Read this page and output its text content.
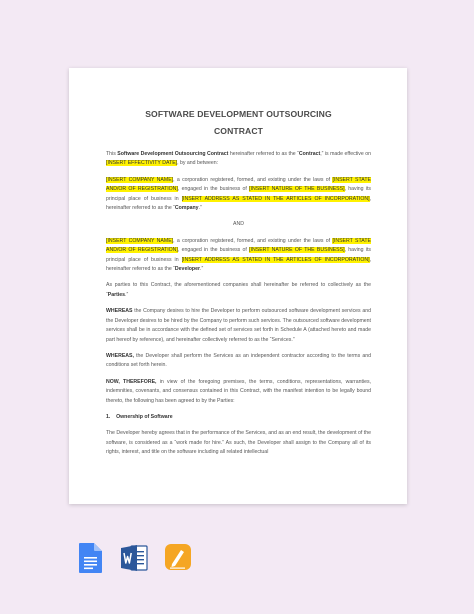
SOFTWARE DEVELOPMENT OUTSOURCING
CONTRACT

This Software Development Outsourcing Contract hereinafter referred to as the “Contract,” is made effective on [INSERT EFFECTIVITY DATE], by and between:

[INSERT COMPANY NAME], a corporation registered, formed, and existing under the laws of [INSERT STATE AND/OR OF REGISTRATION], engaged in the business of [INSERT NATURE OF THE BUSINESS], having its principal place of business in [INSERT ADDRESS AS STATED IN THE ARTICLES OF INCORPORATION], hereinafter referred to as the “Company.”

AND

[INSERT COMPANY NAME], a corporation registered, formed, and existing under the laws of [INSERT STATE AND/OR OF REGISTRATION], engaged in the business of [INSERT NATURE OF THE BUSINESS], having its principal place of business in [INSERT ADDRESS AS STATED IN THE ARTICLES OF INCORPORATION], hereinafter referred to as the “Developer.”

As parties to this Contract, the aforementioned companies shall hereinafter be referred to collectively as the “Parties.”

WHEREAS the Company desires to hire the Developer to perform outsourced software development services and the Developer desires to be hired by the Company to perform such services. The outsourced software development services shall be in accordance with the defined set of services set forth in Schedule A (attached hereto and made part hereof by reference), and hereinafter collectively referred to as the “Services.”

WHEREAS, the Developer shall perform the Services as an independent contractor according to the terms and conditions set forth herein.

NOW, THEREFORE, in view of the foregoing premises, the terms, conditions, representations, warranties, indemnities, covenants, and consensus contained in this Contract, with the manifest intention to be legally bound thereto, the following has been agreed to by the Parties:

1. Ownership of Software

The Developer hereby agrees that in the performance of the Services, and as an end result, the development of the software, is considered as a “work made for hire.” As such, the Developer shall assign to the Company all of its rights, interest, and title on the software including all related intellectual
